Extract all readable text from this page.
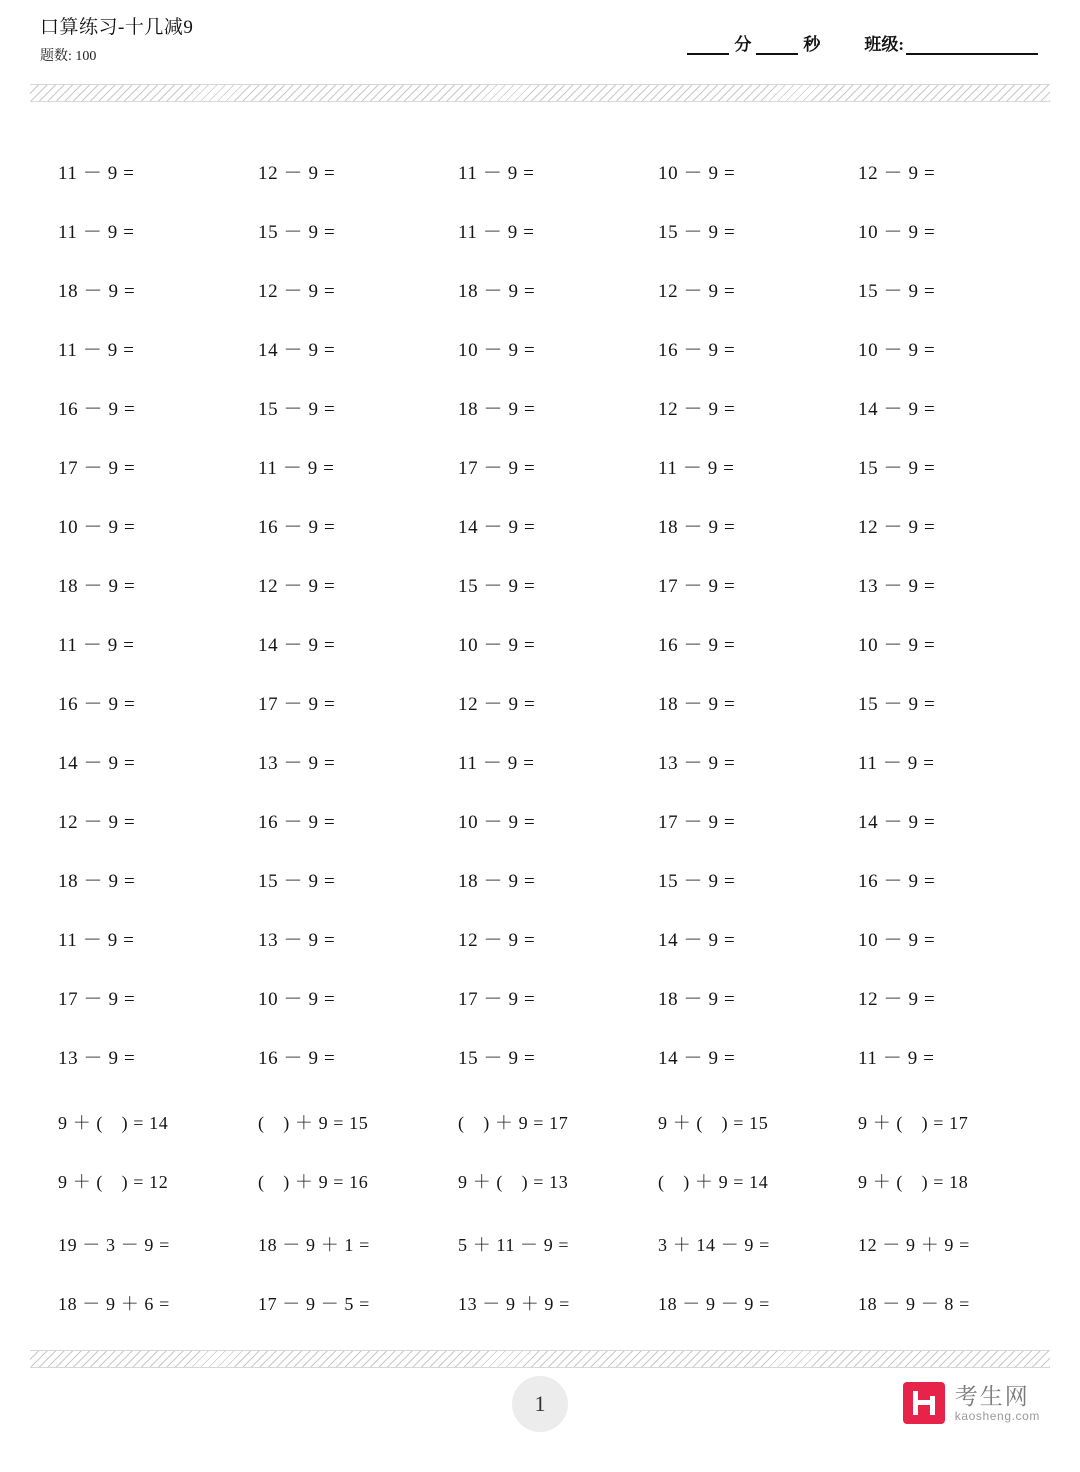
口算练习-十几减9
题数: 100
分	秒	班级:
11 － 9 =	12 － 9 =	11 － 9 =	10 － 9 =	12 － 9 =
11 － 9 =	15 － 9 =	11 － 9 =	15 － 9 =	10 － 9 =
18 － 9 =	12 － 9 =	18 － 9 =	12 － 9 =	15 － 9 =
11 － 9 =	14 － 9 =	10 － 9 =	16 － 9 =	10 － 9 =
16 － 9 =	15 － 9 =	18 － 9 =	12 － 9 =	14 － 9 =
17 － 9 =	11 － 9 =	17 － 9 =	11 － 9 =	15 － 9 =
10 － 9 =	16 － 9 =	14 － 9 =	18 － 9 =	12 － 9 =
18 － 9 =	12 － 9 =	15 － 9 =	17 － 9 =	13 － 9 =
11 － 9 =	14 － 9 =	10 － 9 =	16 － 9 =	10 － 9 =
16 － 9 =	17 － 9 =	12 － 9 =	18 － 9 =	15 － 9 =
14 － 9 =	13 － 9 =	11 － 9 =	13 － 9 =	11 － 9 =
12 － 9 =	16 － 9 =	10 － 9 =	17 － 9 =	14 － 9 =
18 － 9 =	15 － 9 =	18 － 9 =	15 － 9 =	16 － 9 =
11 － 9 =	13 － 9 =	12 － 9 =	14 － 9 =	10 － 9 =
17 － 9 =	10 － 9 =	17 － 9 =	18 － 9 =	12 － 9 =
13 － 9 =	16 － 9 =	15 － 9 =	14 － 9 =	11 － 9 =
9 ＋ (　) = 14	(　) ＋ 9 = 15	(　) ＋ 9 = 17	9 ＋ (　) = 15	9 ＋ (　) = 17
9 ＋ (　) = 12	(　) ＋ 9 = 16	9 ＋ (　) = 13	(　) ＋ 9 = 14	9 ＋ (　) = 18
19 － 3 － 9 =	18 － 9 ＋ 1 =	5 ＋ 11 － 9 =	3 ＋ 14 － 9 =	12 － 9 ＋ 9 =
18 － 9 ＋ 6 =	17 － 9 － 5 =	13 － 9 ＋ 9 =	18 － 9 － 9 =	18 － 9 － 8 =
1	考生网
kaosheng.com
